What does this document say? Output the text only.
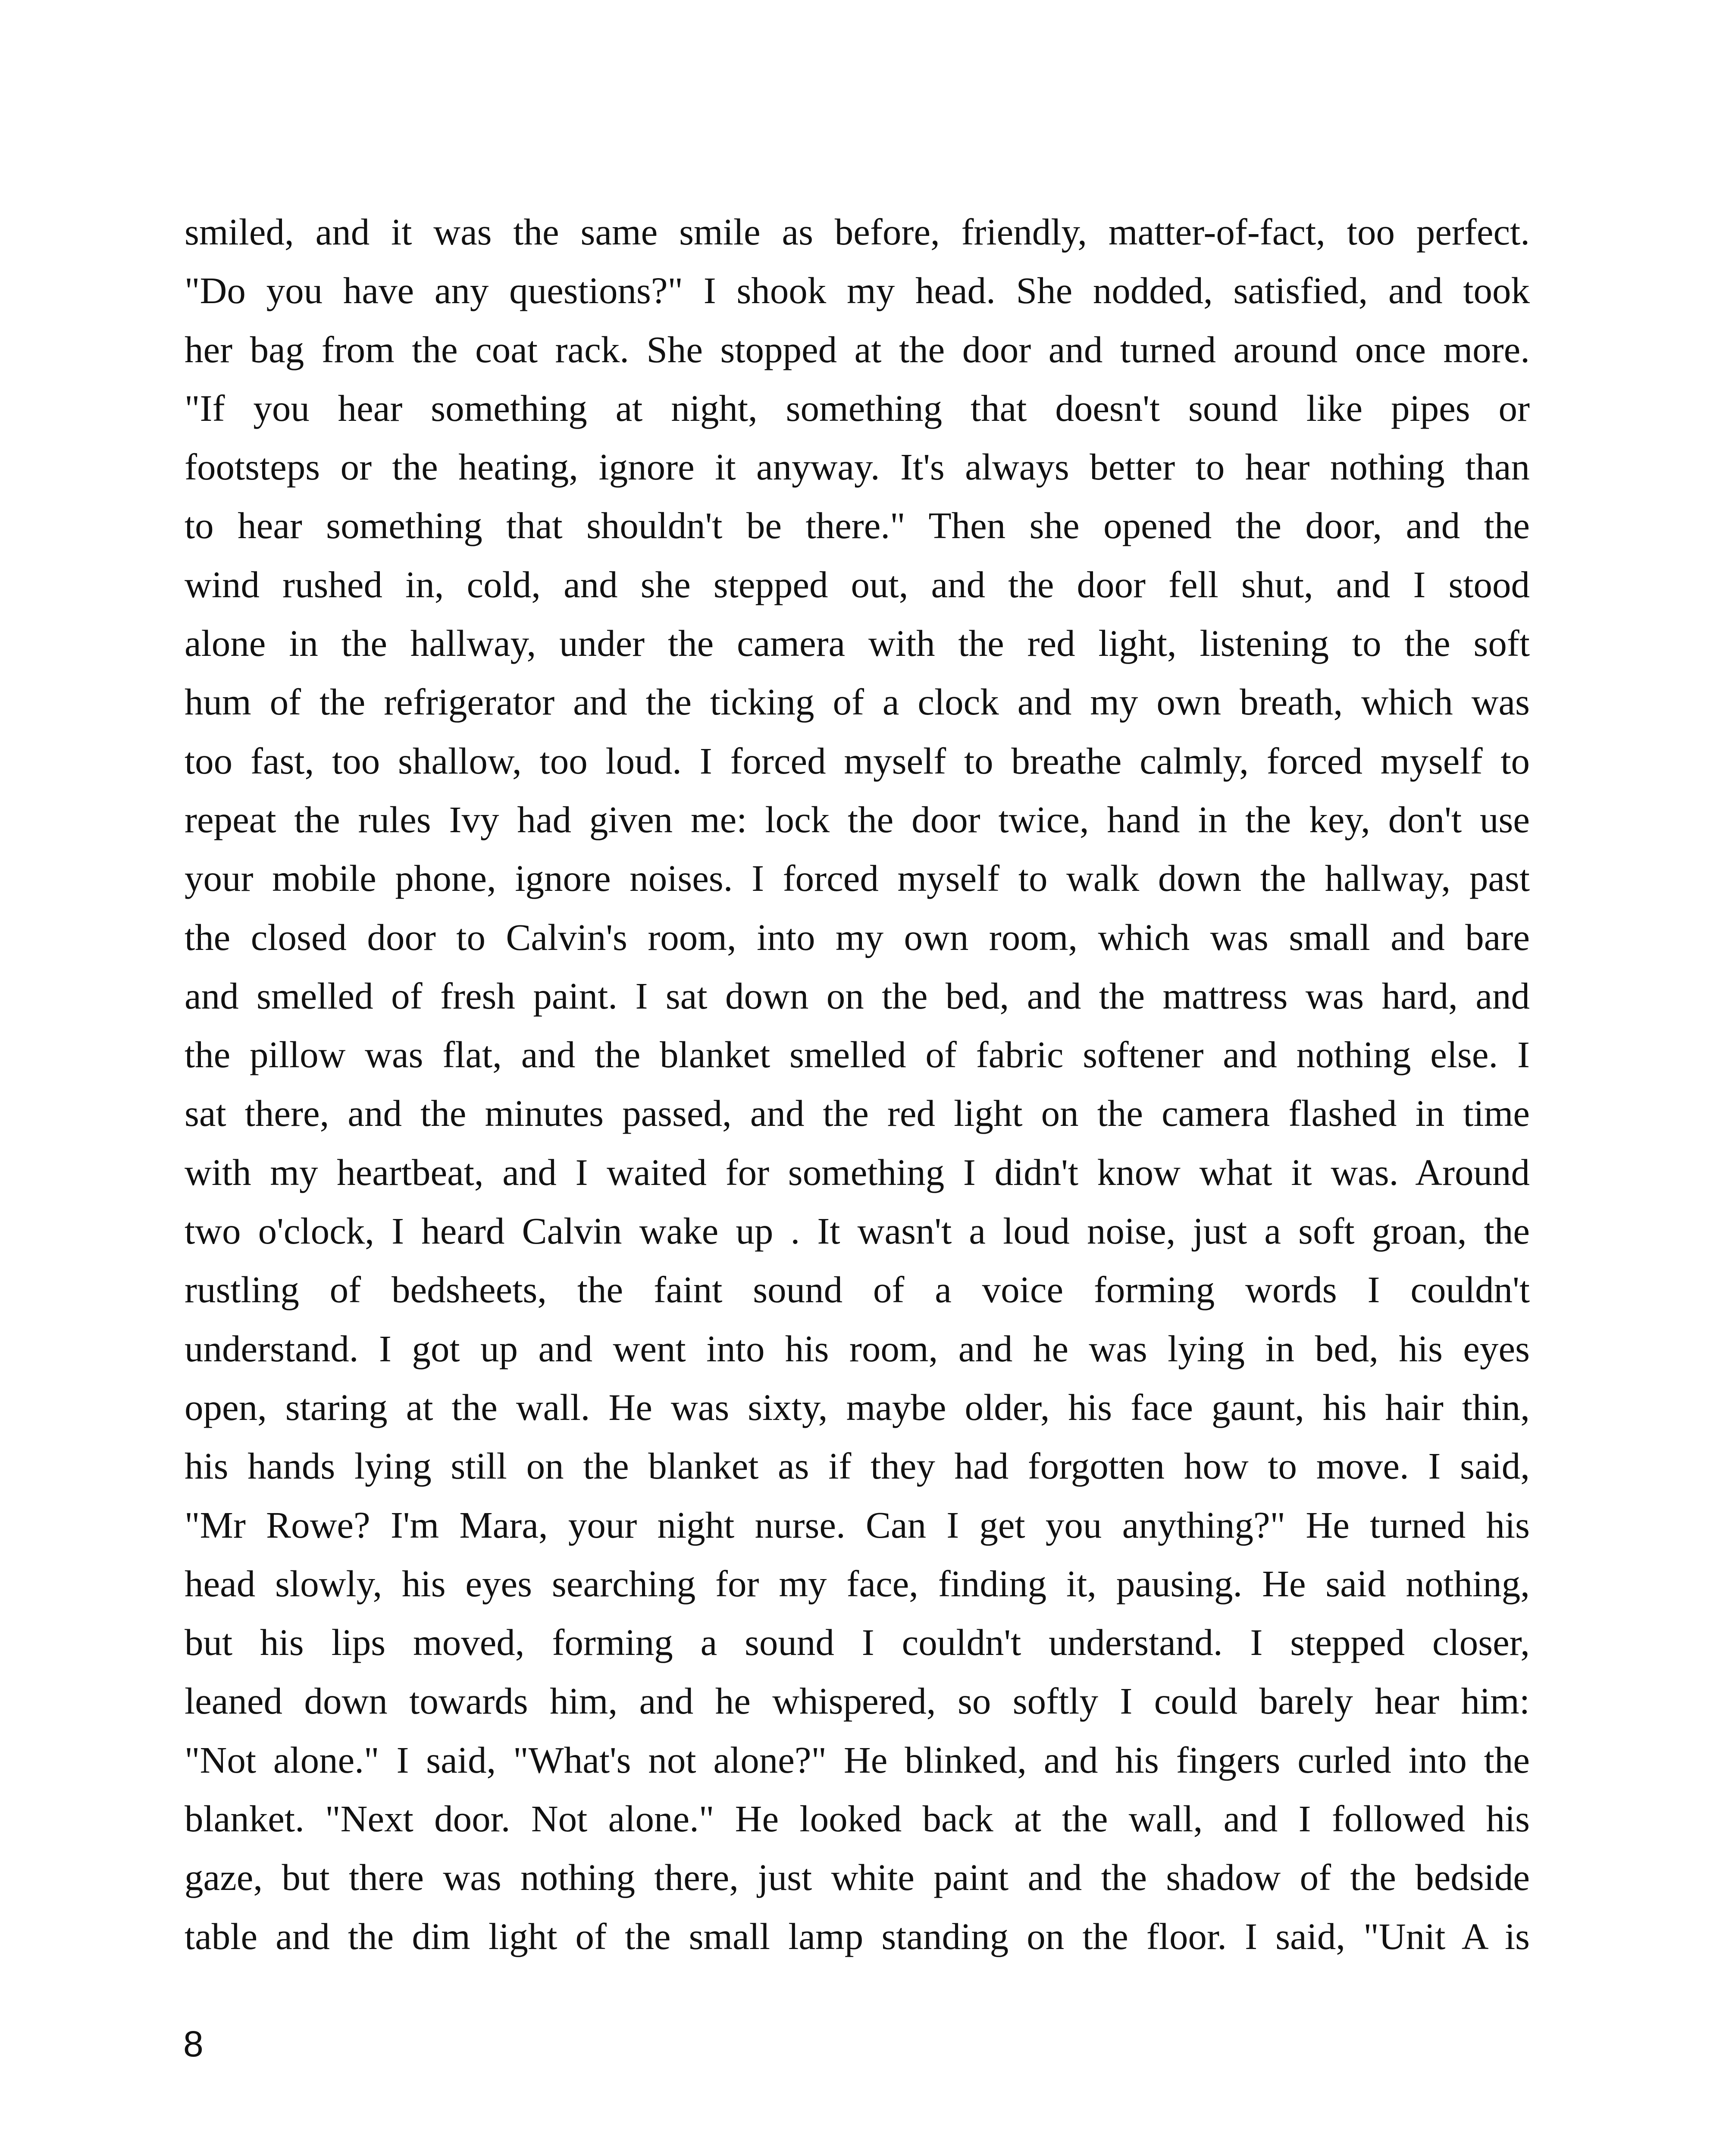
smiled, and it was the same smile as before, friendly, matter-of-fact, too perfect.
"Do you have any questions?" I shook my head. She nodded, satisfied, and took
her bag from the coat rack. She stopped at the door and turned around once more.
"If you hear something at night, something that doesn't sound like pipes or
footsteps or the heating, ignore it anyway. It's always better to hear nothing than
to hear something that shouldn't be there." Then she opened the door, and the
wind rushed in, cold, and she stepped out, and the door fell shut, and I stood
alone in the hallway, under the camera with the red light, listening to the soft
hum of the refrigerator and the ticking of a clock and my own breath, which was
too fast, too shallow, too loud. I forced myself to breathe calmly, forced myself to
repeat the rules Ivy had given me: lock the door twice, hand in the key, don't use
your mobile phone, ignore noises. I forced myself to walk down the hallway, past
the closed door to Calvin's room, into my own room, which was small and bare
and smelled of fresh paint. I sat down on the bed, and the mattress was hard, and
the pillow was flat, and the blanket smelled of fabric softener and nothing else. I
sat there, and the minutes passed, and the red light on the camera flashed in time
with my heartbeat, and I waited for something I didn't know what it was. Around
two o'clock, I heard Calvin wake up . It wasn't a loud noise, just a soft groan, the
rustling of bedsheets, the faint sound of a voice forming words I couldn't
understand. I got up and went into his room, and he was lying in bed, his eyes
open, staring at the wall. He was sixty, maybe older, his face gaunt, his hair thin,
his hands lying still on the blanket as if they had forgotten how to move. I said,
"Mr Rowe? I'm Mara, your night nurse. Can I get you anything?" He turned his
head slowly, his eyes searching for my face, finding it, pausing. He said nothing,
but his lips moved, forming a sound I couldn't understand. I stepped closer,
leaned down towards him, and he whispered, so softly I could barely hear him:
"Not alone." I said, "What's not alone?" He blinked, and his fingers curled into the
blanket. "Next door. Not alone." He looked back at the wall, and I followed his
gaze, but there was nothing there, just white paint and the shadow of the bedside
table and the dim light of the small lamp standing on the floor. I said, "Unit A is
8
